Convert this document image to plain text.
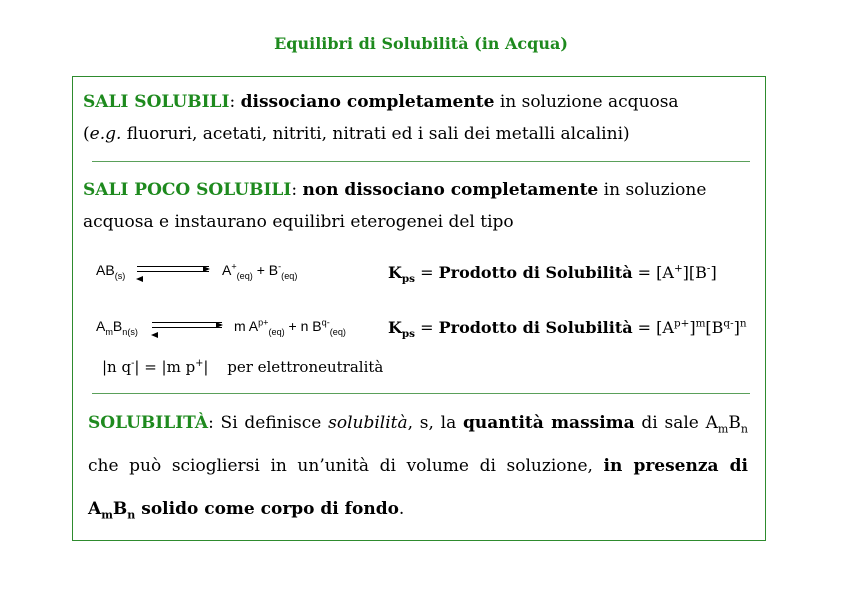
Equilibri di Solubilità (in Acqua)
SALI SOLUBILI: dissociano completamente in soluzione acquosa
(e.g. fluoruri, acetati, nitriti, nitrati ed i sali dei metalli alcalini)
SALI POCO SOLUBILI: non dissociano completamente in soluzione
acquosa e instaurano equilibri eterogenei del tipo
$AB_{(s)}$	$A^+_{(eq)} + B^-_{(eq)}$	$K_{ps}$ = Prodotto di Solubilità = [A+][B-]
$A_mB_{n(s)}$	m $A^{p+}_{(eq)} + n$ $B^{q-}_{(eq)}$	$K_{ps}$ = Prodotto di Solubilità = $[A^{p+}]^m[B^{q-}]^n$
|n q-| = |m p+| per elettroneutralità
SOLUBILITÀ: Si definisce solubilità, s, la quantità massima di sale $A_mB_n$
che può sciogliersi in un’unità di volume di soluzione, in presenza di
$A_mB_n$ solido come corpo di fondo.
